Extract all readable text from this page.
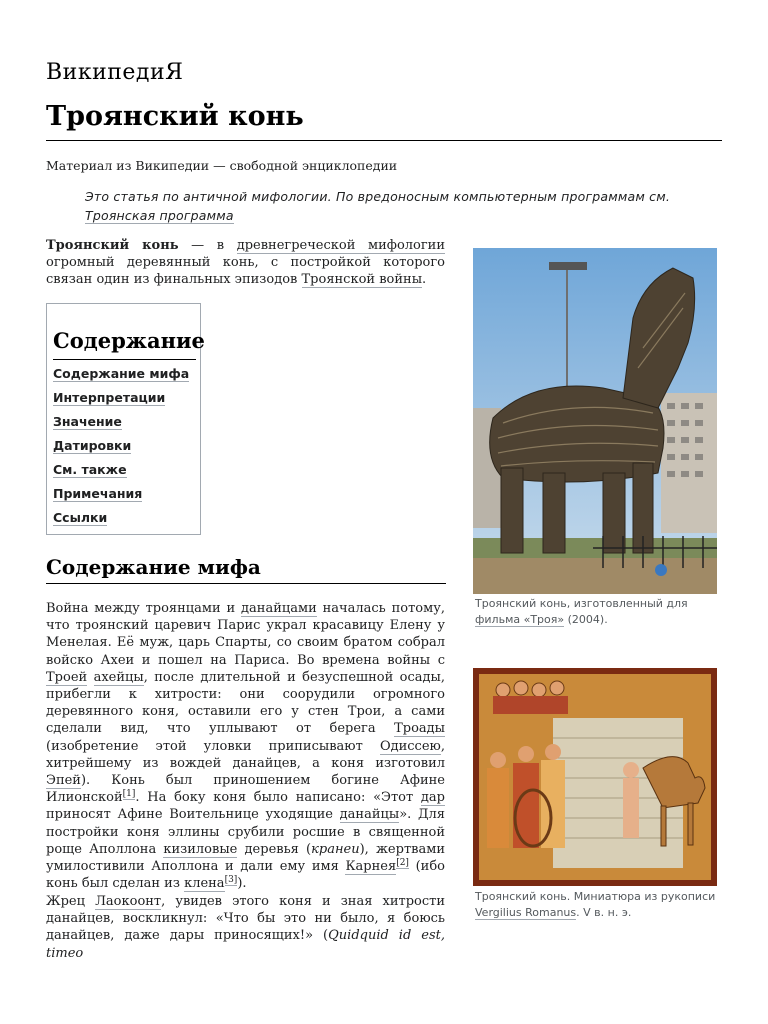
ВикипедиЯ
Троянский конь
Материал из Википедии — свободной энциклопедии
Это статья по античной мифологии. По вредоносным компьютерным программам см. Троянская программа
Троянский конь — в древнегреческой мифологии огромный деревянный конь, с постройкой которого связан один из финальных эпизодов Троянской войны.
Содержание
Содержание мифа
Интерпретации
Значение
Датировки
См. также
Примечания
Ссылки
Содержание мифа
Война между троянцами и данайцами началась потому, что троянский царевич Парис украл красавицу Елену у Менелая. Её муж, царь Спарты, со своим братом собрал войско Ахеи и пошел на Париса. Во времена войны с Троей ахейцы, после длительной и безуспешной осады, прибегли к хитрости: они соорудили огромного деревянного коня, оставили его у стен Трои, а сами сделали вид, что уплывают от берега Троады (изобретение этой уловки приписывают Одиссею, хитрейшему из вождей данайцев, а коня изготовил Эпей). Конь был приношением богине Афине Илионской[1]. На боку коня было написано: «Этот дар приносят Афине Воительнице уходящие данайцы». Для постройки коня эллины срубили росшие в священной роще Аполлона кизиловые деревья (кранеи), жертвами умилостивили Аполлона и дали ему имя Карнея[2] (ибо конь был сделан из клена[3]).
Жрец Лаокоонт, увидев этого коня и зная хитрости данайцев, воскликнул: «Что бы это ни было, я боюсь данайцев, даже дары приносящих!» (Quidquid id est, timeo
Троянский конь, изготовленный для фильма «Троя» (2004).
Троянский конь. Миниатюра из рукописи Vergilius Romanus. V в. н. э.
